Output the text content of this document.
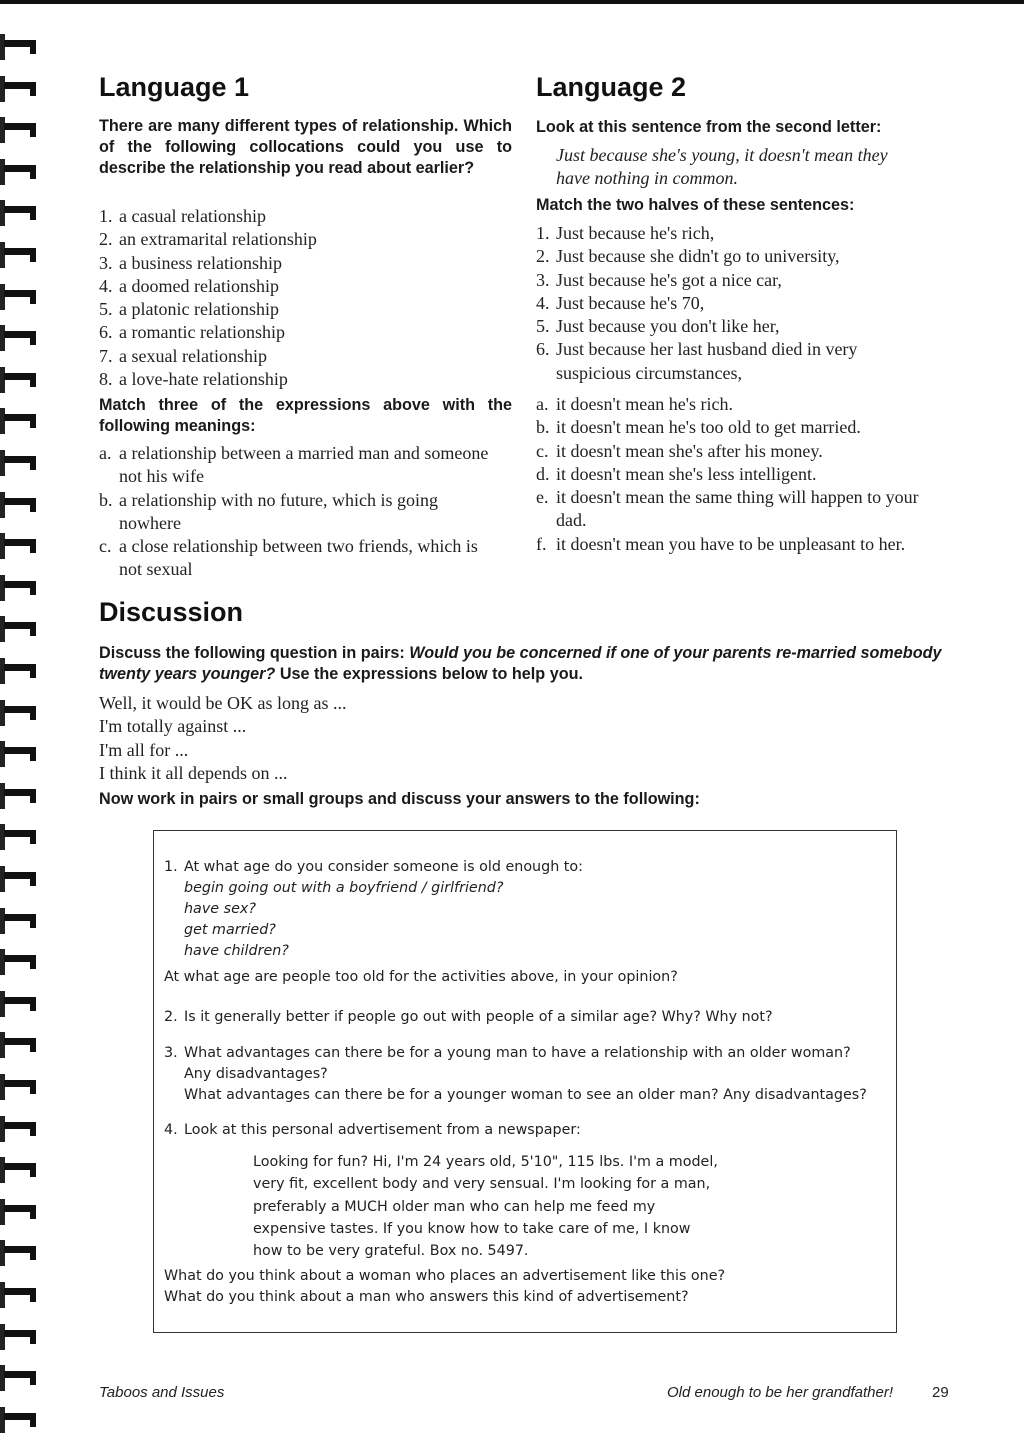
Language 1
There are many different types of relationship. Which of the following collocations could you use to describe the relationship you read about earlier?
1. a casual relationship
2. an extramarital relationship
3. a business relationship
4. a doomed relationship
5. a platonic relationship
6. a romantic relationship
7. a sexual relationship
8. a love-hate relationship
Match three of the expressions above with the following meanings:
a. a relationship between a married man and someone not his wife
b. a relationship with no future, which is going nowhere
c. a close relationship between two friends, which is not sexual
Language 2
Look at this sentence from the second letter:
Just because she's young, it doesn't mean they have nothing in common.
Match the two halves of these sentences:
1. Just because he's rich,
2. Just because she didn't go to university,
3. Just because he's got a nice car,
4. Just because he's 70,
5. Just because you don't like her,
6. Just because her last husband died in very suspicious circumstances,
a. it doesn't mean he's rich.
b. it doesn't mean he's too old to get married.
c. it doesn't mean she's after his money.
d. it doesn't mean she's less intelligent.
e. it doesn't mean the same thing will happen to your dad.
f. it doesn't mean you have to be unpleasant to her.
Discussion
Discuss the following question in pairs: Would you be concerned if one of your parents re-married somebody twenty years younger? Use the expressions below to help you.
Well, it would be OK as long as ...
I'm totally against ...
I'm all for ...
I think it all depends on ...
Now work in pairs or small groups and discuss your answers to the following:
1. At what age do you consider someone is old enough to:
begin going out with a boyfriend / girlfriend?
have sex?
get married?
have children?
At what age are people too old for the activities above, in your opinion?
2. Is it generally better if people go out with people of a similar age? Why? Why not?
3. What advantages can there be for a young man to have a relationship with an older woman?
Any disadvantages?
What advantages can there be for a younger woman to see an older man? Any disadvantages?
4. Look at this personal advertisement from a newspaper:
Looking for fun? Hi, I'm 24 years old, 5'10", 115 lbs. I'm a model, very fit, excellent body and very sensual. I'm looking for a man, preferably a MUCH older man who can help me feed my expensive tastes. If you know how to take care of me, I know how to be very grateful. Box no. 5497.
What do you think about a woman who places an advertisement like this one?
What do you think about a man who answers this kind of advertisement?
Taboos and Issues	Old enough to be her grandfather!	29
